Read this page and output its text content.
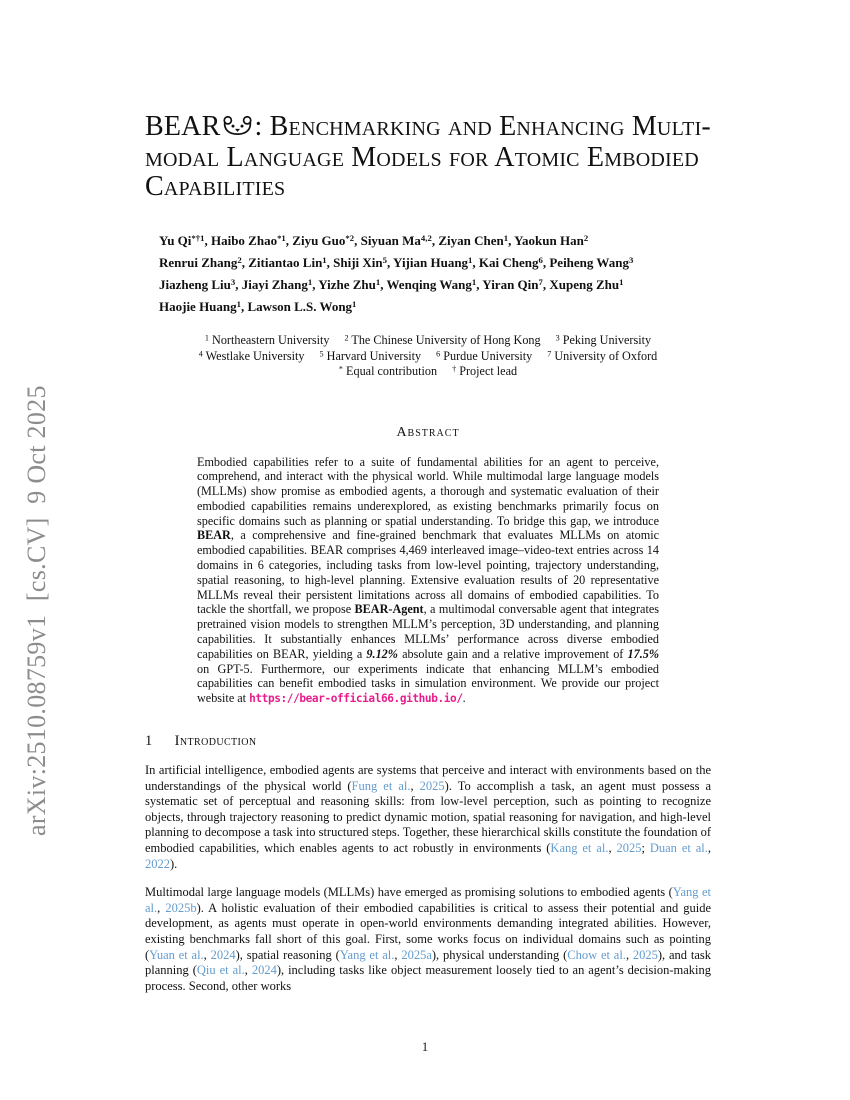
arXiv:2510.08759v1  [cs.CV]  9 Oct 2025
BEAR : Benchmarking and Enhancing Multi-
modal Language Models for Atomic Embodied
Capabilities
Yu Qi$^{*\dagger 1}$, Haibo Zhao$^{*1}$, Ziyu Guo$^{*2}$, Siyuan Ma$^{4,2}$, Ziyan Chen$^1$, Yaokun Han$^2$
Renrui Zhang$^2$, Zitiantao Lin$^1$, Shiji Xin$^5$, Yijian Huang$^1$, Kai Cheng$^6$, Peiheng Wang$^3$
Jiazheng Liu$^3$, Jiayi Zhang$^1$, Yizhe Zhu$^1$, Wenqing Wang$^1$, Yiran Qin$^7$, Xupeng Zhu$^1$
Haojie Huang$^1$, Lawson L.S. Wong$^1$
$^1$ Northeastern University $^2$ The Chinese University of Hong Kong $^3$ Peking University
$^4$ Westlake University $^5$ Harvard University $^6$ Purdue University $^7$ University of Oxford
* Equal contribution † Project lead
Abstract
Embodied capabilities refer to a suite of fundamental abilities for an agent to perceive, comprehend, and interact with the physical world. While multimodal large language models (MLLMs) show promise as embodied agents, a thorough and systematic evaluation of their embodied capabilities remains underexplored, as existing benchmarks primarily focus on specific domains such as planning or spatial understanding. To bridge this gap, we introduce BEAR, a comprehensive and fine-grained benchmark that evaluates MLLMs on atomic embodied capabilities. BEAR comprises 4,469 interleaved image–video-text entries across 14 domains in 6 categories, including tasks from low-level pointing, trajectory understanding, spatial reasoning, to high-level planning. Extensive evaluation results of 20 representative MLLMs reveal their persistent limitations across all domains of embodied capabilities. To tackle the shortfall, we propose BEAR-Agent, a multimodal conversable agent that integrates pretrained vision models to strengthen MLLM’s perception, 3D understanding, and planning capabilities. It substantially enhances MLLMs’ performance across diverse embodied capabilities on BEAR, yielding a 9.12% absolute gain and a relative improvement of 17.5% on GPT-5. Furthermore, our experiments indicate that enhancing MLLM’s embodied capabilities can benefit embodied tasks in simulation environment. We provide our project website at https://bear-official66.github.io/.
1 Introduction
In artificial intelligence, embodied agents are systems that perceive and interact with environments based on the understandings of the physical world (Fung et al., 2025). To accomplish a task, an agent must possess a systematic set of perceptual and reasoning skills: from low-level perception, such as pointing to recognize objects, through trajectory reasoning to predict dynamic motion, spatial reasoning for navigation, and high-level planning to decompose a task into structured steps. Together, these hierarchical skills constitute the foundation of embodied capabilities, which enables agents to act robustly in environments (Kang et al., 2025; Duan et al., 2022).
Multimodal large language models (MLLMs) have emerged as promising solutions to embodied agents (Yang et al., 2025b). A holistic evaluation of their embodied capabilities is critical to assess their potential and guide development, as agents must operate in open-world environments demanding integrated abilities. However, existing benchmarks fall short of this goal. First, some works focus on individual domains such as pointing (Yuan et al., 2024), spatial reasoning (Yang et al., 2025a), physical understanding (Chow et al., 2025), and task planning (Qiu et al., 2024), including tasks like object measurement loosely tied to an agent’s decision-making process. Second, other works
1
